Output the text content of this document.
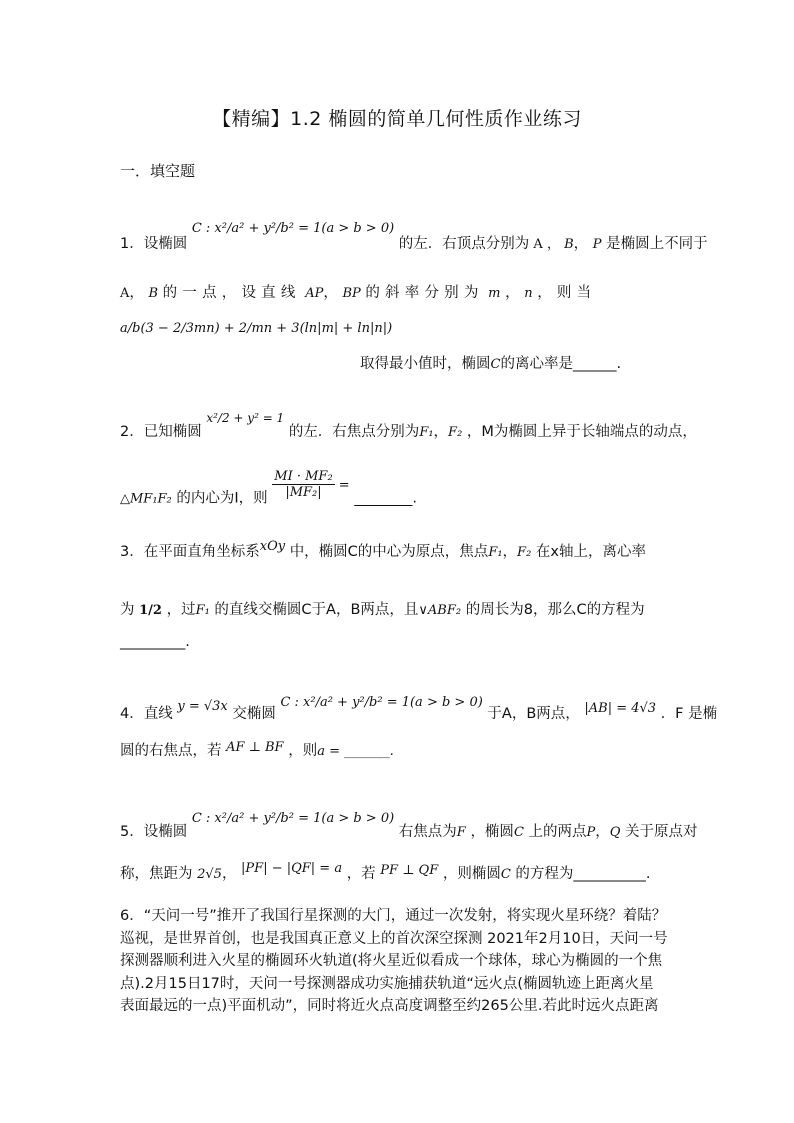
【精编】1.2 椭圆的简单几何性质作业练习
一．填空题
1．设椭圆 C : x²/a² + y²/b² = 1(a > b > 0) 的左．右顶点分别为 A ， B， P 是椭圆上不同于
A， B 的一点，设直线 AP， BP 的斜率分别为 m ， n ，则当
a/b(3 − 2/3mn) + 2/mn + 3(ln|m| + ln|n|)
取得最小值时，椭圆C的离心率是______.
2．已知椭圆 $^{x^2/2 + y^2 = 1}$ 的左．右焦点分别为F₁，F₂ ，M为椭圆上异于长轴端点的动点，
△MF₁F₂ 的内心为I，则 $\frac{\text{MI · MF₂}}{\text{|MF₂|}}$ = ________.
3．在平面直角坐标系xOy 中，椭圆C的中心为原点，焦点F₁，F₂ 在x轴上，离心率
为 1/2 ，过F₁ 的直线交椭圆C于A，B两点，且∨ABF₂ 的周长为8，那么C的方程为
_________.
4．直线 y = √3x 交椭圆 C : x²/a² + y²/b² = 1(a > b > 0) 于A，B两点， |AB| = 4√3 ．F 是椭
圆的右焦点，若 AF ⊥ BF ，则a = _______.
5．设椭圆 C : x²/a² + y²/b² = 1(a > b > 0) 右焦点为F ，椭圆C 上的两点P，Q 关于原点对
称，焦距为 2√5， |PF| − |QF| = a ，若 PF ⊥ QF ，则椭圆C 的方程为__________.
6．“天问一号”推开了我国行星探测的大门，通过一次发射，将实现火星环绕？着陆？
巡视，是世界首创，也是我国真正意义上的首次深空探测 2021年2月10日，天问一号
探测器顺利进入火星的椭圆环火轨道(将火星近似看成一个球体，球心为椭圆的一个焦
点).2月15日17时，天问一号探测器成功实施捕获轨道“远火点(椭圆轨迹上距离火星
表面最远的一点)平面机动”，同时将近火点高度调整至约265公里.若此时远火点距离
